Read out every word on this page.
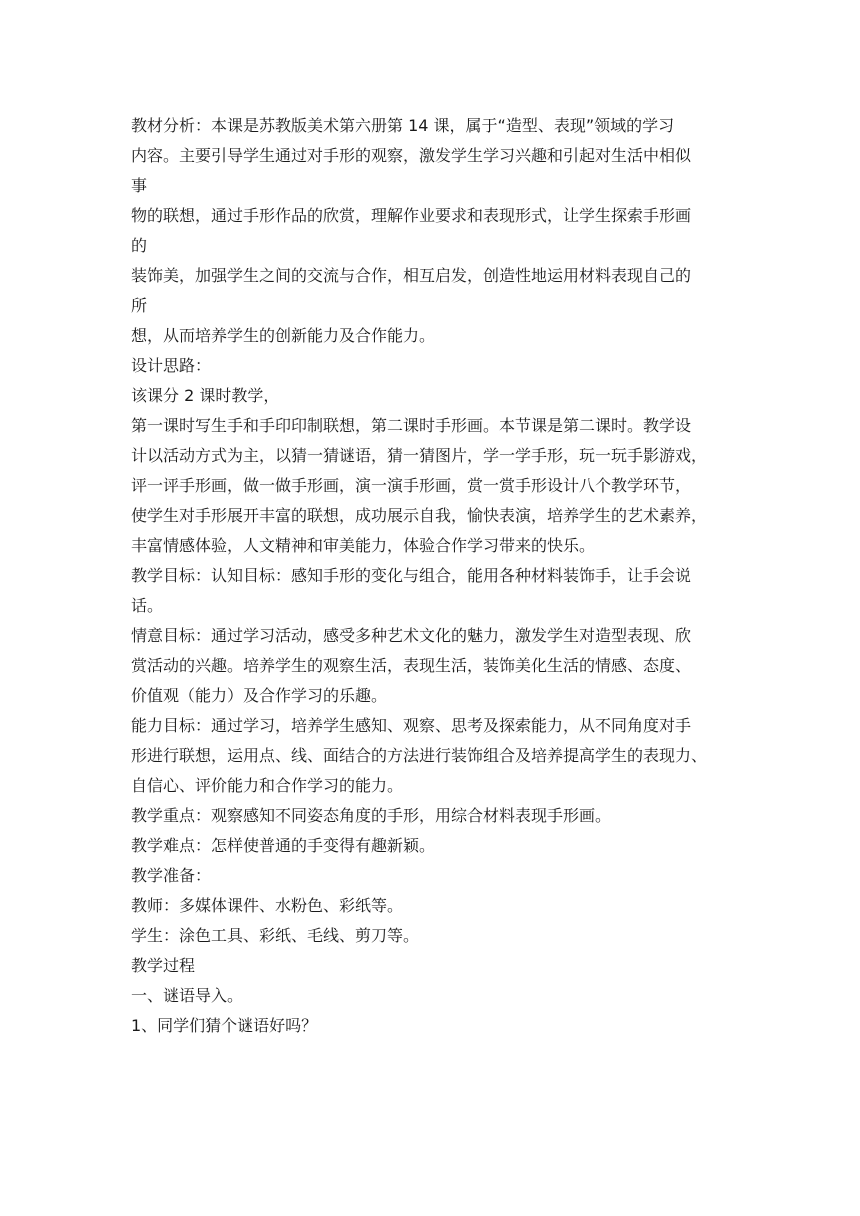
教材分析：本课是苏教版美术第六册第 14 课，属于“造型、表现”领域的学习
内容。主要引导学生通过对手形的观察，激发学生学习兴趣和引起对生活中相似
事
物的联想，通过手形作品的欣赏，理解作业要求和表现形式，让学生探索手形画
的
装饰美，加强学生之间的交流与合作，相互启发，创造性地运用材料表现自己的
所
想，从而培养学生的创新能力及合作能力。
设计思路：
该课分 2 课时教学，
第一课时写生手和手印印制联想，第二课时手形画。本节课是第二课时。教学设
计以活动方式为主，以猜一猜谜语，猜一猜图片，学一学手形，玩一玩手影游戏，
评一评手形画，做一做手形画，演一演手形画，赏一赏手形设计八个教学环节，
使学生对手形展开丰富的联想，成功展示自我，愉快表演，培养学生的艺术素养，
丰富情感体验，人文精神和审美能力，体验合作学习带来的快乐。
教学目标：认知目标：感知手形的变化与组合，能用各种材料装饰手，让手会说
话。
情意目标：通过学习活动，感受多种艺术文化的魅力，激发学生对造型表现、欣
赏活动的兴趣。培养学生的观察生活，表现生活，装饰美化生活的情感、态度、
价值观（能力）及合作学习的乐趣。
能力目标：通过学习，培养学生感知、观察、思考及探索能力，从不同角度对手
形进行联想，运用点、线、面结合的方法进行装饰组合及培养提高学生的表现力、
自信心、评价能力和合作学习的能力。
教学重点：观察感知不同姿态角度的手形，用综合材料表现手形画。
教学难点：怎样使普通的手变得有趣新颖。
教学准备：
教师：多媒体课件、水粉色、彩纸等。
学生：涂色工具、彩纸、毛线、剪刀等。
教学过程
一、谜语导入。
1、同学们猜个谜语好吗？
